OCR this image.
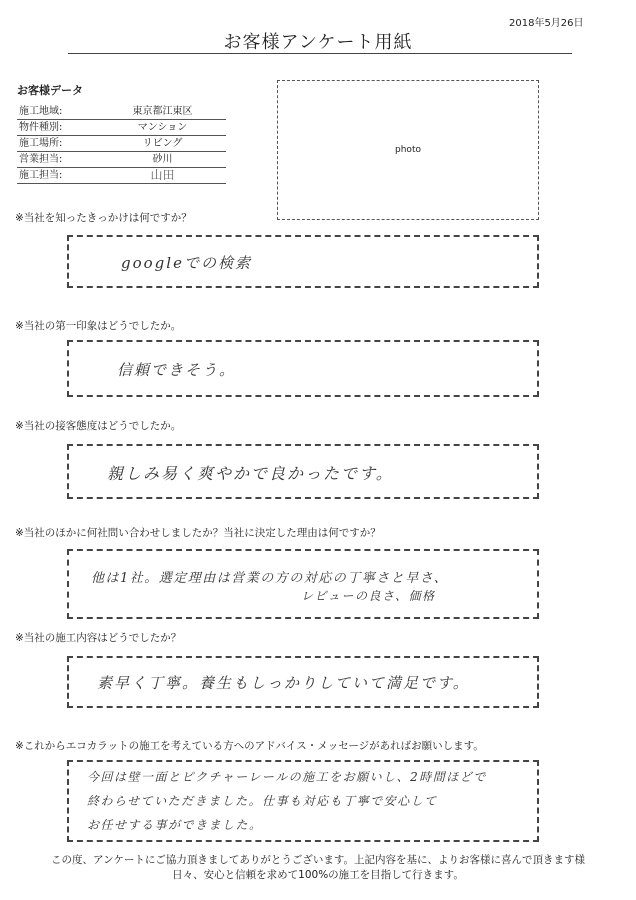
2018年5月26日
お客様アンケート用紙
お客様データ
施工地域:	東京都江東区
物件種別:	マンション
施工場所:	リビング
営業担当:	砂川
施工担当:	山田
photo
※当社を知ったきっかけは何ですか？
googleでの検索
※当社の第一印象はどうでしたか。
信頼できそう。
※当社の接客態度はどうでしたか。
親しみ易く爽やかで良かったです。
※当社のほかに何社問い合わせしましたか？当社に決定した理由は何ですか？
他は1社。選定理由は営業の方の対応の丁寧さと早さ、
レビューの良さ、価格
※当社の施工内容はどうでしたか？
素早く丁寧。養生もしっかりしていて満足です。
※これからエコカラットの施工を考えている方へのアドバイス・メッセージがあればお願いします。
今回は壁一面とピクチャーレールの施工をお願いし、2時間ほどで
終わらせていただきました。仕事も対応も丁寧で安心して
お任せする事ができました。
この度、アンケートにご協力頂きましてありがとうございます。上記内容を基に、よりお客様に喜んで頂きます様
日々、安心と信頼を求めて100%の施工を目指して行きます。
